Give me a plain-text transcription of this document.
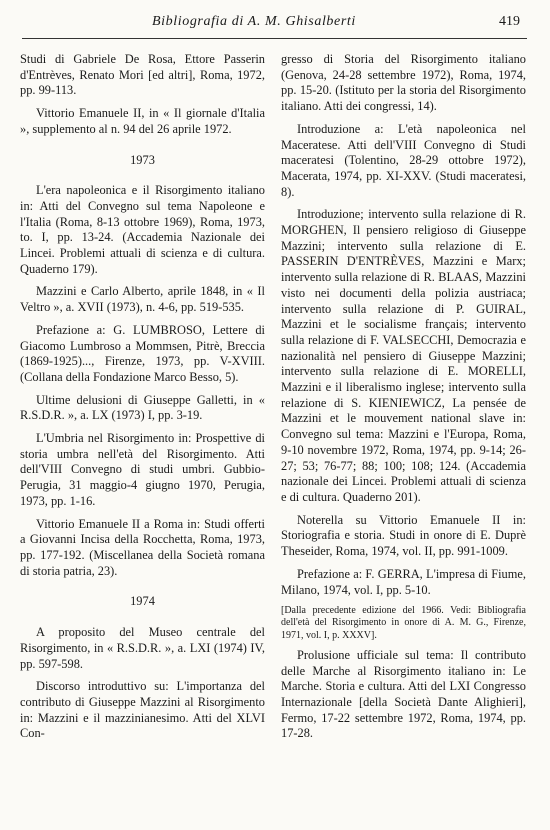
Bibliografia di A. M. Ghisalberti	419

Studi di Gabriele De Rosa, Ettore Passerin d'Entrèves, Renato Mori [ed altri], Roma, 1972, pp. 99-113.

Vittorio Emanuele II, in « Il giornale d'Italia », supplemento al n. 94 del 26 aprile 1972.

1973

L'era napoleonica e il Risorgimento italiano in: Atti del Convegno sul tema Napoleone e l'Italia (Roma, 8-13 ottobre 1969), Roma, 1973, to. I, pp. 13-24. (Accademia Nazionale dei Lincei. Problemi attuali di scienza e di cultura. Quaderno 179).

Mazzini e Carlo Alberto, aprile 1848, in « Il Veltro », a. XVII (1973), n. 4-6, pp. 519-535.

Prefazione a: G. LUMBROSO, Lettere di Giacomo Lumbroso a Mommsen, Pitrè, Breccia (1869-1925)..., Firenze, 1973, pp. V-XVIII. (Collana della Fondazione Marco Besso, 5).

Ultime delusioni di Giuseppe Galletti, in « R.S.D.R. », a. LX (1973) I, pp. 3-19.

L'Umbria nel Risorgimento in: Prospettive di storia umbra nell'età del Risorgimento. Atti dell'VIII Convegno di studi umbri. Gubbio-Perugia, 31 maggio-4 giugno 1970, Perugia, 1973, pp. 1-16.

Vittorio Emanuele II a Roma in: Studi offerti a Giovanni Incisa della Rocchetta, Roma, 1973, pp. 177-192. (Miscellanea della Società romana di storia patria, 23).

1974

A proposito del Museo centrale del Risorgimento, in « R.S.D.R. », a. LXI (1974) IV, pp. 597-598.

Discorso introduttivo su: L'importanza del contributo di Giuseppe Mazzini al Risorgimento in: Mazzini e il mazzinianesimo. Atti del XLVI Con-

gresso di Storia del Risorgimento italiano (Genova, 24-28 settembre 1972), Roma, 1974, pp. 15-20. (Istituto per la storia del Risorgimento italiano. Atti dei congressi, 14).

Introduzione a: L'età napoleonica nel Maceratese. Atti dell'VIII Convegno di Studi maceratesi (Tolentino, 28-29 ottobre 1972), Macerata, 1974, pp. XI-XXV. (Studi maceratesi, 8).

Introduzione; intervento sulla relazione di R. MORGHEN, Il pensiero religioso di Giuseppe Mazzini; intervento sulla relazione di E. PASSERIN D'ENTRÈVES, Mazzini e Marx; intervento sulla relazione di R. BLAAS, Mazzini visto nei documenti della polizia austriaca; intervento sulla relazione di P. GUIRAL, Mazzini et le socialisme français; intervento sulla relazione di F. VALSECCHI, Democrazia e nazionalità nel pensiero di Giuseppe Mazzini; intervento sulla relazione di E. MORELLI, Mazzini e il liberalismo inglese; intervento sulla relazione di S. KIENIEWICZ, La pensée de Mazzini et le mouvement national slave in: Convegno sul tema: Mazzini e l'Europa, Roma, 9-10 novembre 1972, Roma, 1974, pp. 9-14; 26-27; 53; 76-77; 88; 100; 108; 124. (Accademia nazionale dei Lincei. Problemi attuali di scienza e di cultura. Quaderno 201).

Noterella su Vittorio Emanuele II in: Storiografia e storia. Studi in onore di E. Duprè Theseider, Roma, 1974, vol. II, pp. 991-1009.

Prefazione a: F. GERRA, L'impresa di Fiume, Milano, 1974, vol. I, pp. 5-10.

[Dalla precedente edizione del 1966. Vedi: Bibliografia dell'età del Risorgimento in onore di A. M. G., Firenze, 1971, vol. I, p. XXXV].

Prolusione ufficiale sul tema: Il contributo delle Marche al Risorgimento italiano in: Le Marche. Storia e cultura. Atti del LXI Congresso Internazionale [della Società Dante Alighieri], Fermo, 17-22 settembre 1972, Roma, 1974, pp. 17-28.
